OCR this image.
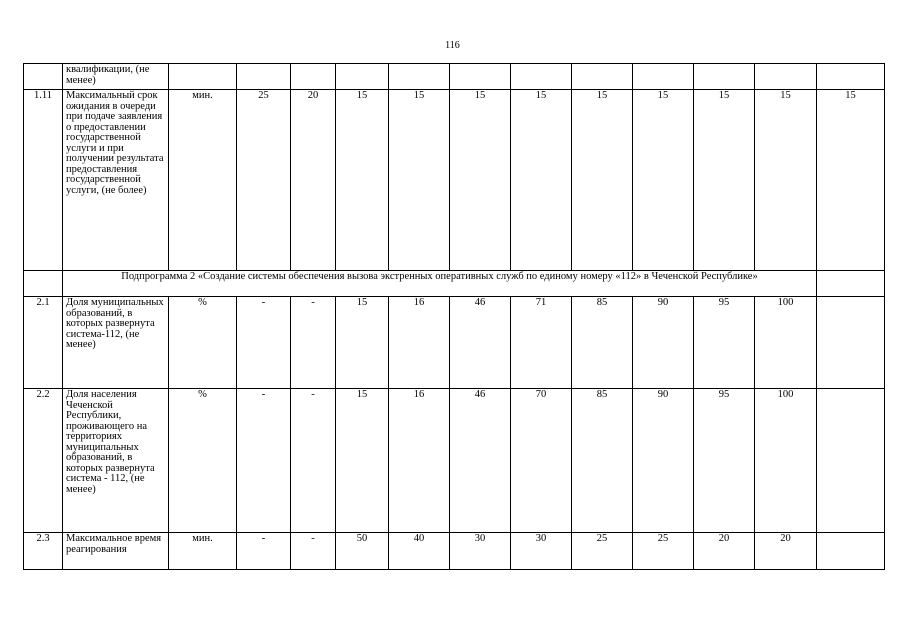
116
	квалификации, (не менее)												
1.11	Максимальный срок ожидания в очереди при подаче заявления о предоставлении государственной услуги и при получении результата предоставления государственной услуги, (не более)	мин.	25	20	15	15	15	15	15	15	15	15	15
	Подпрограмма 2 «Создание системы обеспечения вызова экстренных оперативных служб по единому номеру «112» в Чеченской Республике»												
2.1	Доля муниципальных образований, в которых развернута система-112, (не менее)	%	-	-	15	16	46	71	85	90	95	100	
2.2	Доля населения Чеченской Республики, проживающего на территориях муниципальных образований, в которых развернута система - 112, (не менее)	%	-	-	15	16	46	70	85	90	95	100	
2.3	Максимальное время реагирования	мин.	-	-	50	40	30	30	25	25	20	20	
